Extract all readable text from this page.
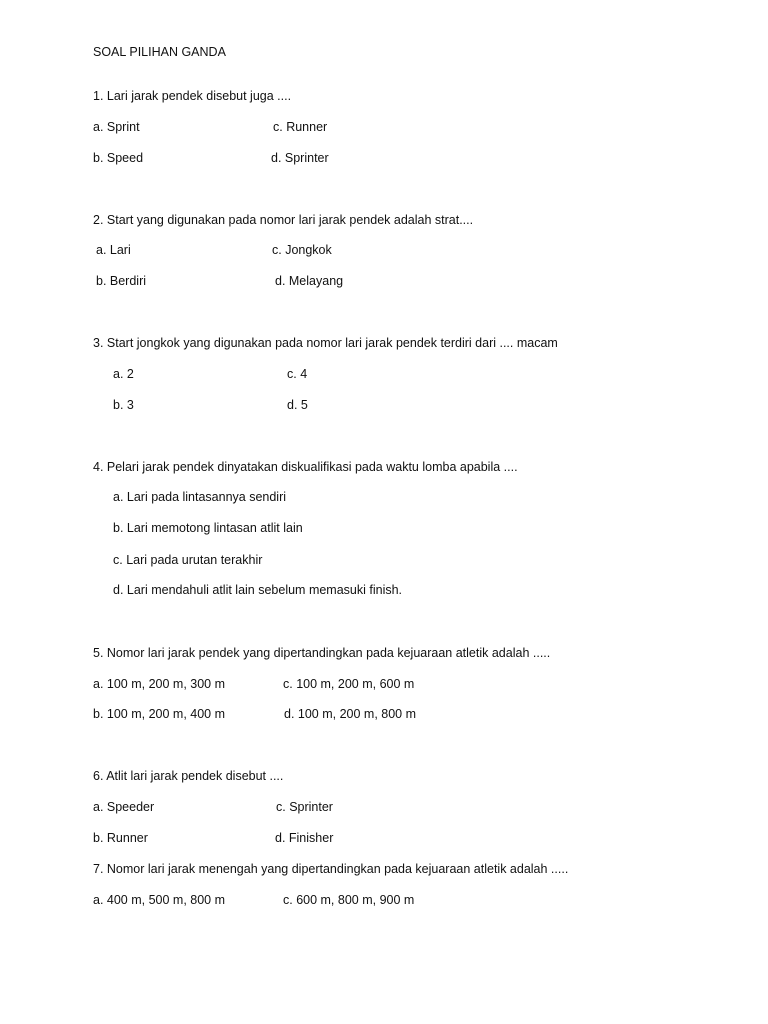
SOAL PILIHAN GANDA
1. Lari jarak pendek disebut juga ....
a. Sprint	c. Runner
b. Speed	d. Sprinter
2. Start yang digunakan pada nomor lari jarak pendek adalah strat....
a. Lari	c. Jongkok
b. Berdiri	d. Melayang
3. Start jongkok yang digunakan pada nomor lari jarak pendek terdiri dari .... macam
a. 2	c. 4
b. 3	d. 5
4. Pelari jarak pendek dinyatakan diskualifikasi pada waktu lomba apabila ....
a. Lari pada lintasannya sendiri
b. Lari memotong lintasan atlit lain
c. Lari pada urutan terakhir
d. Lari mendahuli atlit lain sebelum memasuki finish.
5. Nomor lari jarak pendek yang dipertandingkan pada kejuaraan atletik adalah .....
a. 100 m, 200 m, 300 m	c. 100 m, 200 m, 600 m
b. 100 m, 200 m, 400 m	d. 100 m, 200 m, 800 m
6. Atlit lari jarak pendek disebut ....
a. Speeder	c. Sprinter
b. Runner	d. Finisher
7. Nomor lari jarak menengah yang dipertandingkan pada kejuaraan atletik adalah .....
a. 400 m, 500 m, 800 m	c. 600 m, 800 m, 900 m
